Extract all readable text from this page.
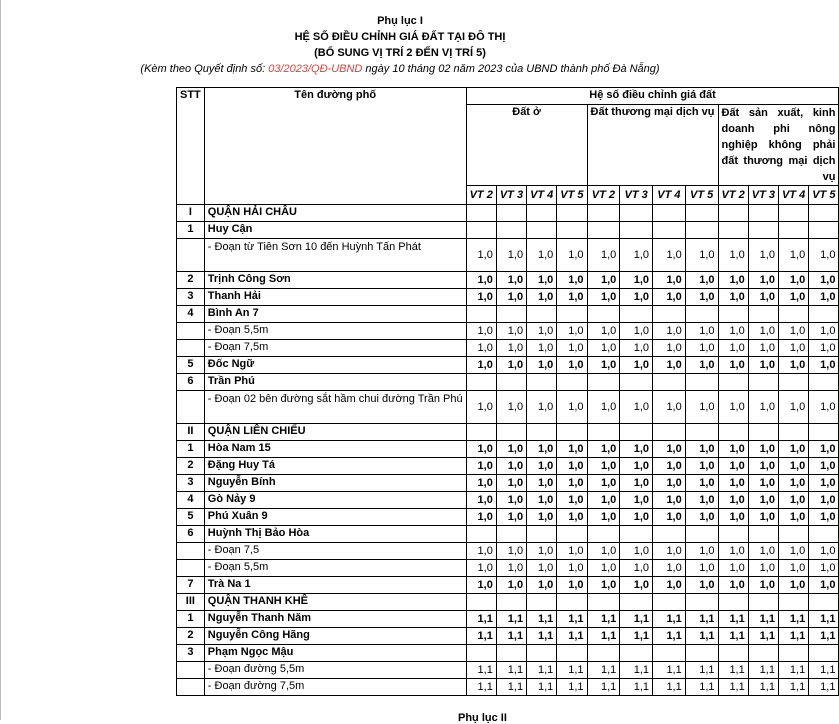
Phụ lục I
HỆ SỐ ĐIỀU CHỈNH GIÁ ĐẤT TẠI ĐÔ THỊ
(BỔ SUNG VỊ TRÍ 2 ĐẾN VỊ TRÍ 5)
(Kèm theo Quyết định số: 03/2023/QĐ-UBND ngày 10 tháng 02 năm 2023 của UBND thành phố Đà Nẵng)
STT	Tên đường phố	Hệ số điều chỉnh giá đất											
		Đất ở				Đất thương mại dịch vụ				Đất sản xuất, kinh doanh phi nông nghiệp không phải đất thương mại dịch vụ			
		VT 2	VT 3	VT 4	VT 5	VT 2	VT 3	VT 4	VT 5	VT 2	VT 3	VT 4	VT 5
I	QUẬN HẢI CHÂU												
1	Huy Cận												
	- Đoạn từ Tiên Sơn 10 đến Huỳnh Tấn Phát	1,0	1,0	1,0	1,0	1,0	1,0	1,0	1,0	1,0	1,0	1,0	1,0
2	Trịnh Công Sơn	1,0	1,0	1,0	1,0	1,0	1,0	1,0	1,0	1,0	1,0	1,0	1,0
3	Thanh Hải	1,0	1,0	1,0	1,0	1,0	1,0	1,0	1,0	1,0	1,0	1,0	1,0
4	Bình An 7												
	- Đoạn 5,5m	1,0	1,0	1,0	1,0	1,0	1,0	1,0	1,0	1,0	1,0	1,0	1,0
	- Đoạn 7,5m	1,0	1,0	1,0	1,0	1,0	1,0	1,0	1,0	1,0	1,0	1,0	1,0
5	Đốc Ngữ	1,0	1,0	1,0	1,0	1,0	1,0	1,0	1,0	1,0	1,0	1,0	1,0
6	Trần Phú												
	- Đoạn 02 bên đường sắt hầm chui đường Trần Phú	1,0	1,0	1,0	1,0	1,0	1,0	1,0	1,0	1,0	1,0	1,0	1,0
II	QUẬN LIÊN CHIỂU												
1	Hòa Nam 15	1,0	1,0	1,0	1,0	1,0	1,0	1,0	1,0	1,0	1,0	1,0	1,0
2	Đặng Huy Tá	1,0	1,0	1,0	1,0	1,0	1,0	1,0	1,0	1,0	1,0	1,0	1,0
3	Nguyễn Bính	1,0	1,0	1,0	1,0	1,0	1,0	1,0	1,0	1,0	1,0	1,0	1,0
4	Gò Nảy 9	1,0	1,0	1,0	1,0	1,0	1,0	1,0	1,0	1,0	1,0	1,0	1,0
5	Phú Xuân 9	1,0	1,0	1,0	1,0	1,0	1,0	1,0	1,0	1,0	1,0	1,0	1,0
6	Huỳnh Thị Bảo Hòa												
	- Đoạn 7,5	1,0	1,0	1,0	1,0	1,0	1,0	1,0	1,0	1,0	1,0	1,0	1,0
	- Đoạn 5,5m	1,0	1,0	1,0	1,0	1,0	1,0	1,0	1,0	1,0	1,0	1,0	1,0
7	Trà Na 1	1,0	1,0	1,0	1,0	1,0	1,0	1,0	1,0	1,0	1,0	1,0	1,0
III	QUẬN THANH KHÊ												
1	Nguyễn Thanh Năm	1,1	1,1	1,1	1,1	1,1	1,1	1,1	1,1	1,1	1,1	1,1	1,1
2	Nguyễn Công Hãng	1,1	1,1	1,1	1,1	1,1	1,1	1,1	1,1	1,1	1,1	1,1	1,1
3	Phạm Ngọc Mậu												
	- Đoạn đường 5,5m	1,1	1,1	1,1	1,1	1,1	1,1	1,1	1,1	1,1	1,1	1,1	1,1
	- Đoạn đường 7,5m	1,1	1,1	1,1	1,1	1,1	1,1	1,1	1,1	1,1	1,1	1,1	1,1
Phụ lục II
